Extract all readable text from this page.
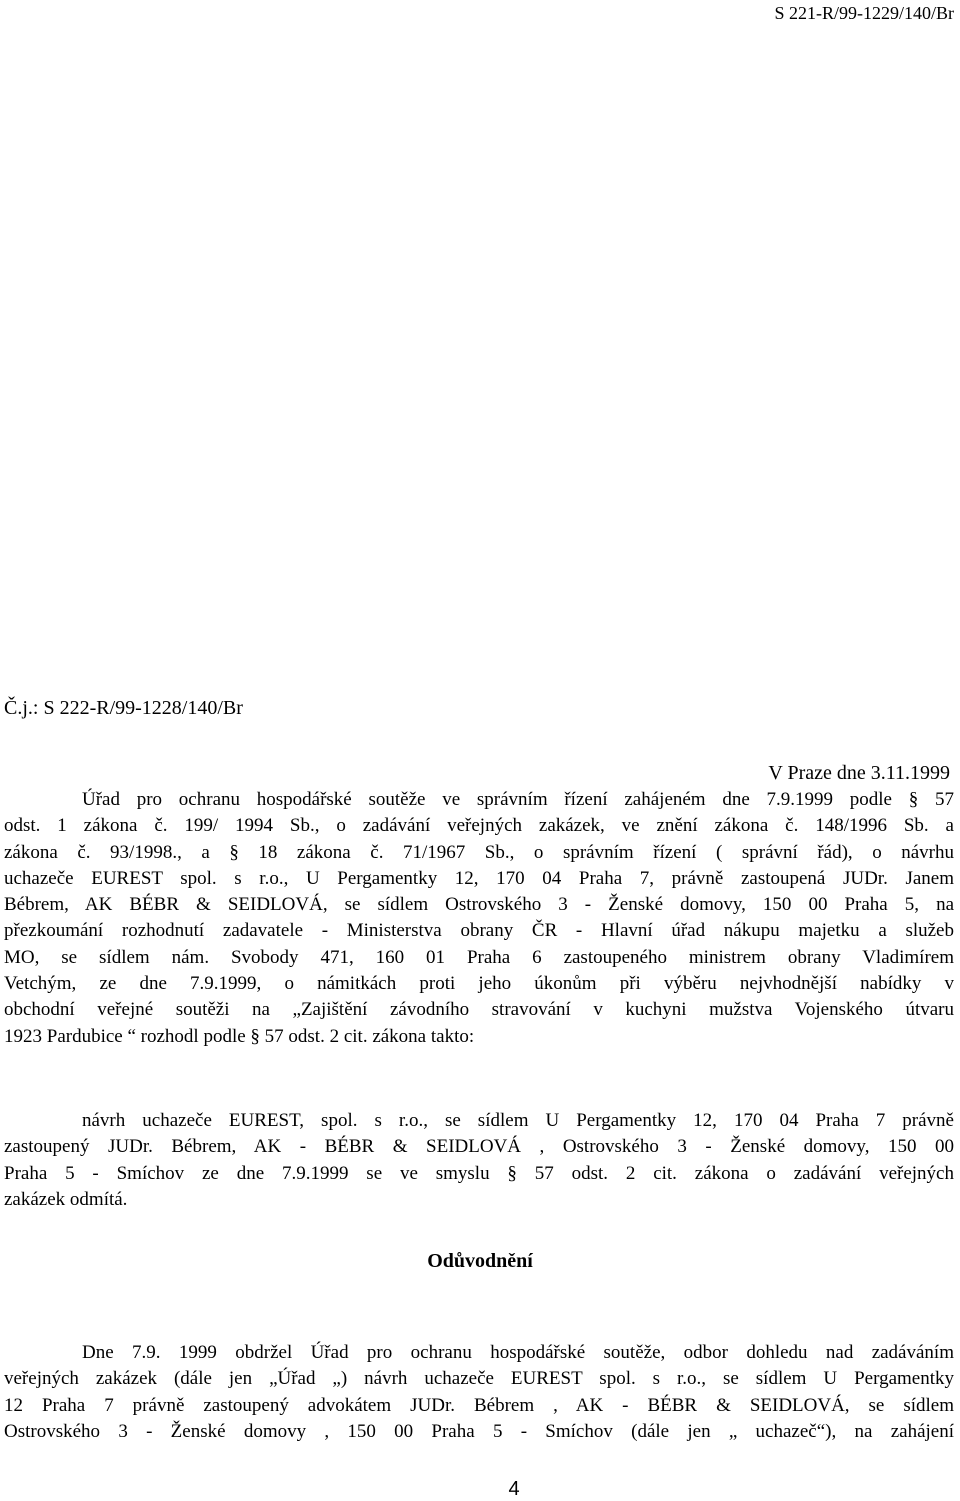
S 221-R/99-1229/140/Br
Č.j.: S 222-R/99-1228/140/Br
V Praze dne 3.11.1999
Úřad pro ochranu hospodářské soutěže ve správním řízení zahájeném dne 7.9.1999 podle § 57
odst. 1 zákona č. 199/ 1994 Sb., o zadávání veřejných zakázek, ve znění zákona č. 148/1996 Sb. a
zákona č. 93/1998., a § 18 zákona č. 71/1967 Sb., o správním řízení ( správní řád), o návrhu
uchazeče EUREST spol. s r.o., U Pergamentky 12, 170 04 Praha 7, právně zastoupená JUDr. Janem
Bébrem, AK BÉBR & SEIDLOVÁ, se sídlem Ostrovského 3 - Ženské domovy, 150 00 Praha 5, na
přezkoumání rozhodnutí zadavatele - Ministerstva obrany ČR - Hlavní úřad nákupu majetku a služeb
MO, se sídlem nám. Svobody 471, 160 01 Praha 6 zastoupeného ministrem obrany Vladimírem
Vetchým, ze dne 7.9.1999, o námitkách proti jeho úkonům při výběru nejvhodnější nabídky v
obchodní veřejné soutěži na „Zajištění závodního stravování v kuchyni mužstva Vojenského útvaru
1923 Pardubice “ rozhodl podle § 57 odst. 2 cit. zákona takto:
návrh uchazeče EUREST, spol. s r.o., se sídlem U Pergamentky 12, 170 04 Praha 7 právně
zastoupený JUDr. Bébrem, AK - BÉBR & SEIDLOVÁ , Ostrovského 3 - Ženské domovy, 150 00
Praha 5 - Smíchov ze dne 7.9.1999 se ve smyslu § 57 odst. 2 cit. zákona o zadávání veřejných
zakázek odmítá.
Odůvodnění
Dne 7.9. 1999 obdržel Úřad pro ochranu hospodářské soutěže, odbor dohledu nad zadáváním
veřejných zakázek (dále jen „Úřad „) návrh uchazeče EUREST spol. s r.o., se sídlem U Pergamentky
12 Praha 7 právně zastoupený advokátem JUDr. Bébrem , AK - BÉBR & SEIDLOVÁ, se sídlem
Ostrovského 3 - Ženské domovy , 150 00 Praha 5 - Smíchov (dále jen „ uchazeč“), na zahájení
4
